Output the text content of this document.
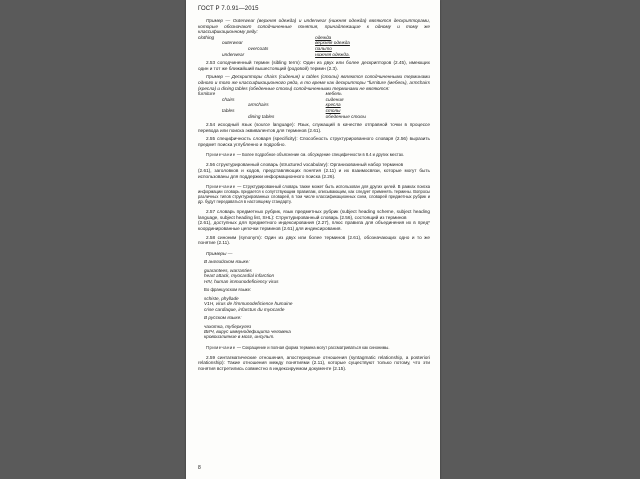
ГОСТ Р 7.0.91—2015

Пример — Outerwear (верхняя одежда) и underwear (нижняя одежда) являются дескрипторами, которые обозначают соподчиненные понятия, принадлежащие к одному и тому же классификационному ряду:

clothing			одежда
	outerwear		верхняя одежда
		overcoats	пальто
	underwear		нижняя одежда.

2.53 соподчиненный термин (sibling term): Один из двух или более дескрипторов (2.45), имеющих один и тот же ближайший вышестоящий (родовой) термин (2.3).

Пример — Дескрипторы chairs (сидения) и tables (столы) являются соподчиненными терминами одного и того же классификационного ряда, в то время как дескрипторы "furniture (мебель), armchairs (кресла) и dining tables (обеденные столы) соподчиненными терминами не являются:

furniture			мебель
	chairs		сидения
		armchairs	кресла
	tables		столы
		dining tables	обеденные столы

2.54 исходный язык (source language): Язык, служащий в качестве отправной точки в процессе перевода или поиска эквивалентов для терминов (2.61).

2.55 специфичность словаря (specificity): Способность структурированного словаря (2.56) выразить предмет поиска углубленно и подробно.

Примечание — Более подробное объяснение см. обсуждение специфичности в 8.4 и других местах.

2.56 структурированный словарь (structured vocabulary): Организованный набор терминов

(2.61), заголовков и кодов, представляющих понятия (2.11) и их взаимосвязи, которые могут быть использованы для поддержки информационного поиска (2.26).

Примечание — Структурированный словарь также может быть использован для других целей. В рамках поиска информации словарь придается к сопутствующим правилам, описывающим, как следует применять термины. Вопросы различных типов структурированных словарей, в том числе классификационных схем, словарей предметных рубрик и др. будут передаваться в настоящему стандарту.

2.57 словарь предметных рубрик, язык предметных рубрик (subject heading scheme, subject heading language, subject heading list, SHL): Структурированный словарь (2.56), состоящий из терминов

(2.61), доступных для предметного индексирования (2.27), плюс правила для объединения их в пред* координированные цепочки терминов (2.61) для индексирования.

2.58 синоним (synonym): Один из двух или более терминов (2.61), обозначающих одно и то же понятие (2.11).

Примеры —
В английском языке:
guarantees, warranties
heart attack, myocardial infarction
HIV, human immunodeficiency virus
Во французском языке:
schiste, phyllade
V1H, virus de l'immunodeficience humaine
crise cardiaque, infarctus du myocarde
В русском языке:
чахотка, туберкулез
ВИЧ, вирус иммунодефицита человека
кровоизлияние в мозг, инсульт.

Примечание — Сокращение и полная форма термина могут рассматриваться как синонимы.

2.59 синтагматические отношения, апостериорные отношения (syntagmatic relationship, a posteriori relationship): Такие отношения между понятиями (2.11), которые существуют только потому, что эти понятия встретились совместно в индексируемом документе (2.15).

8
